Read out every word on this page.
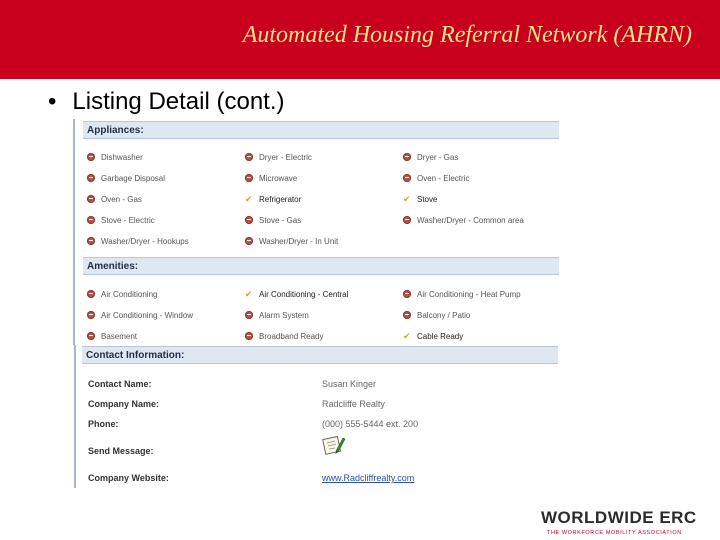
Automated Housing Referral Network (AHRN)
• Listing Detail (cont.)
Appliances:
Dishwasher	Dryer - Electric	Dryer - Gas
Garbage Disposal	Microwave	Oven - Electric
Oven - Gas	✔ Refrigerator	✔ Stove
Stove - Electric	Stove - Gas	Washer/Dryer - Common area
Washer/Dryer - Hookups	Washer/Dryer - In Unit
Amenities:
Air Conditioning	✔ Air Conditioning - Central	Air Conditioning - Heat Pump
Air Conditioning - Window	Alarm System	Balcony / Patio
Basement	Broadband Ready	✔ Cable Ready
Contact Information:
Contact Name:	Susan Kinger
Company Name:	Radcliffe Realty
Phone:	(000) 555-5444 ext. 200
Send Message:
Company Website:	www.Radcliffrealty.com
WORLDWIDE ERC
THE WORKFORCE MOBILITY ASSOCIATION
